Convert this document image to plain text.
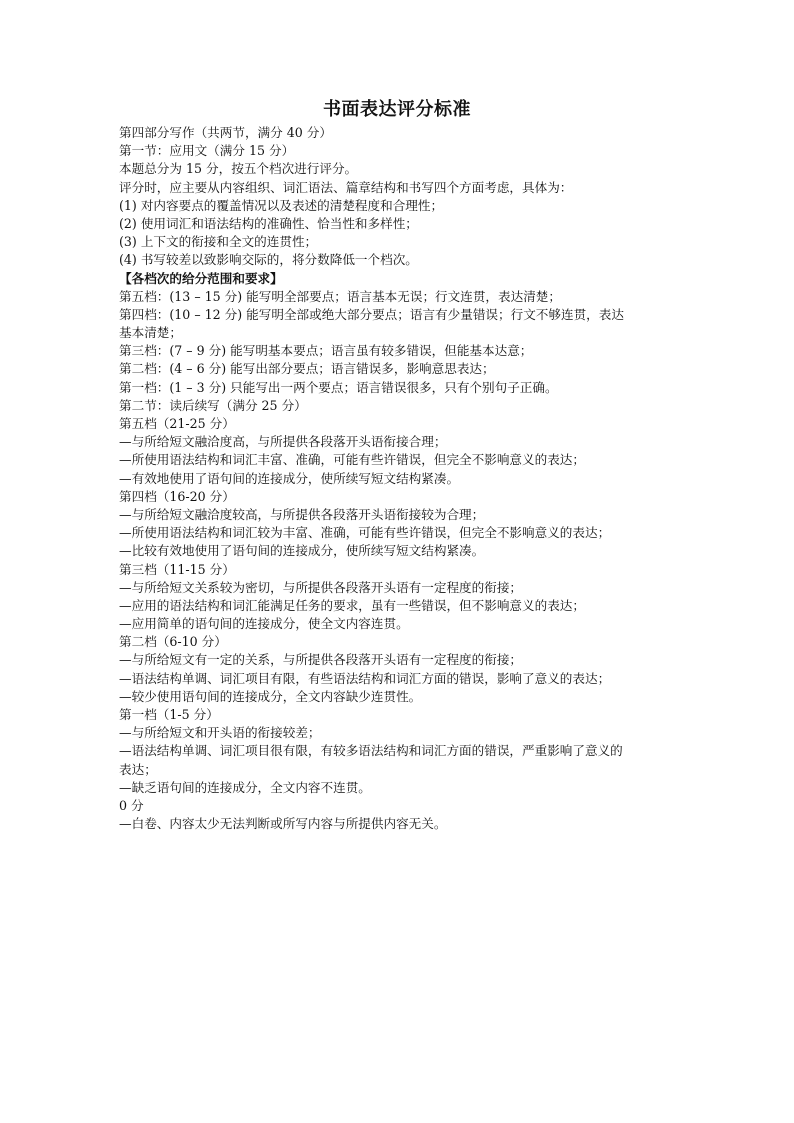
书面表达评分标准
第四部分写作（共两节，满分 40 分）
第一节：应用文（满分 15 分）
本题总分为 15 分，按五个档次进行评分。
评分时，应主要从内容组织、词汇语法、篇章结构和书写四个方面考虑，具体为：
(1) 对内容要点的覆盖情况以及表述的清楚程度和合理性；
(2) 使用词汇和语法结构的准确性、恰当性和多样性；
(3) 上下文的衔接和全文的连贯性；
(4) 书写较差以致影响交际的，将分数降低一个档次。
【各档次的给分范围和要求】
第五档：(13 – 15 分) 能写明全部要点；语言基本无误；行文连贯，表达清楚；
第四档：(10 – 12 分) 能写明全部或绝大部分要点；语言有少量错误；行文不够连贯，表达
基本清楚；
第三档：(7 – 9 分) 能写明基本要点；语言虽有较多错误，但能基本达意；
第二档：(4 – 6 分) 能写出部分要点；语言错误多，影响意思表达；
第一档：(1 – 3 分) 只能写出一两个要点；语言错误很多，只有个别句子正确。
第二节：读后续写（满分 25 分）
第五档（21-25 分）
—与所给短文融洽度高，与所提供各段落开头语衔接合理；
—所使用语法结构和词汇丰富、准确，可能有些许错误，但完全不影响意义的表达；
—有效地使用了语句间的连接成分，使所续写短文结构紧凑。
第四档（16-20 分）
—与所给短文融洽度较高，与所提供各段落开头语衔接较为合理；
—所使用语法结构和词汇较为丰富、准确，可能有些许错误，但完全不影响意义的表达；
—比较有效地使用了语句间的连接成分，使所续写短文结构紧凑。
第三档（11-15 分）
—与所给短文关系较为密切，与所提供各段落开头语有一定程度的衔接；
—应用的语法结构和词汇能满足任务的要求，虽有一些错误，但不影响意义的表达；
—应用简单的语句间的连接成分，使全文内容连贯。
第二档（6-10 分）
—与所给短文有一定的关系，与所提供各段落开头语有一定程度的衔接；
—语法结构单调、词汇项目有限，有些语法结构和词汇方面的错误，影响了意义的表达；
—较少使用语句间的连接成分，全文内容缺少连贯性。
第一档（1-5 分）
—与所给短文和开头语的衔接较差；
—语法结构单调、词汇项目很有限，有较多语法结构和词汇方面的错误，严重影响了意义的
表达；
—缺乏语句间的连接成分，全文内容不连贯。
0 分
—白卷、内容太少无法判断或所写内容与所提供内容无关。
